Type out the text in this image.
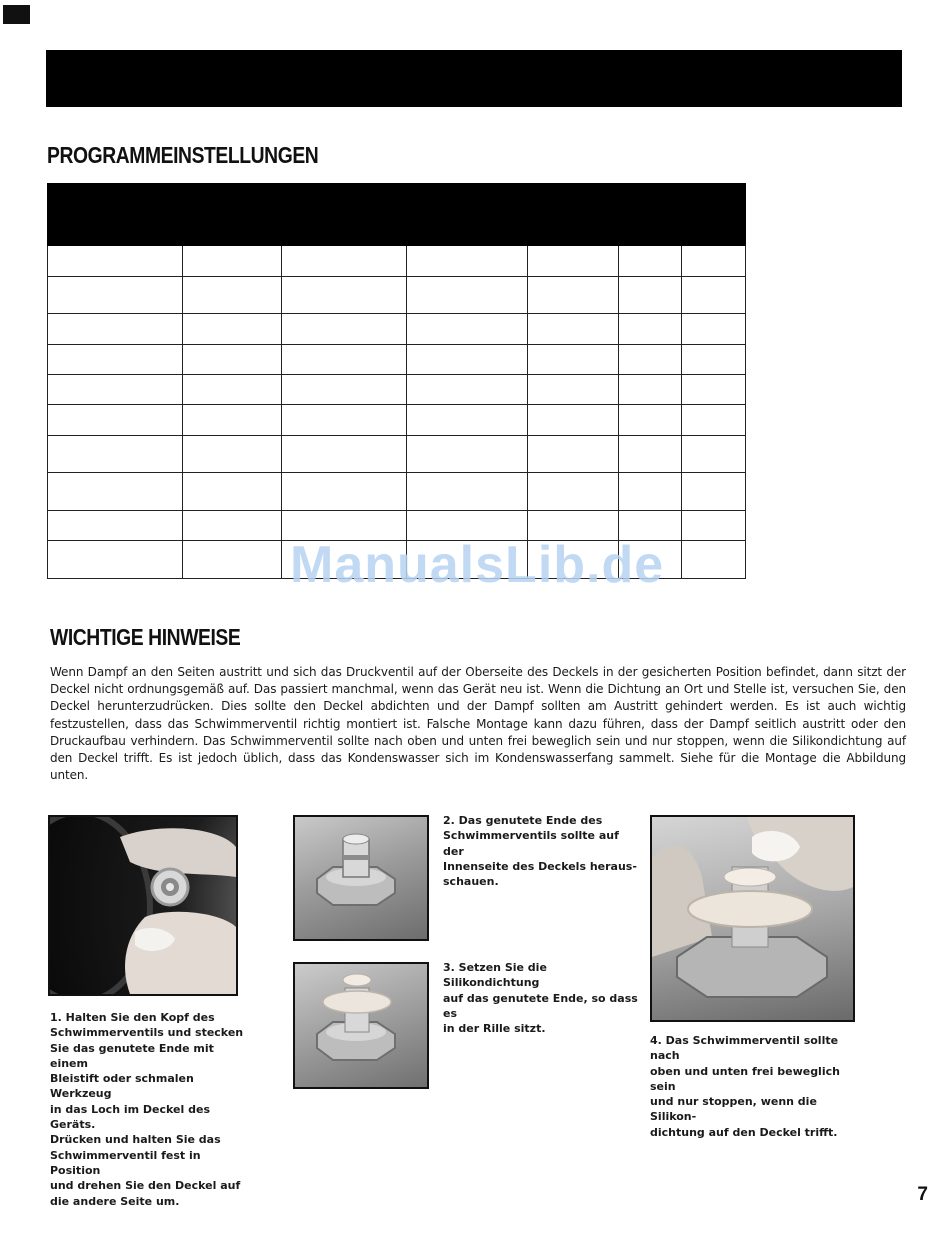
PROGRAMMEINSTELLUNGEN

ManualsLib.de
WICHTIGE HINWEISE

Wenn Dampf an den Seiten austritt und sich das Druckventil auf der Oberseite des Deckels in der gesicherten Position befindet, dann sitzt der Deckel nicht ordnungsgemäß auf. Das passiert manchmal, wenn das Gerät neu ist. Wenn die Dichtung an Ort und Stelle ist, versuchen Sie, den Deckel herunterzudrücken. Dies sollte den Deckel abdichten und der Dampf sollten am Austritt gehindert werden. Es ist auch wichtig festzustellen, dass das Schwimmerventil richtig montiert ist. Falsche Montage kann dazu führen, dass der Dampf seitlich austritt oder den Druckaufbau verhindern. Das Schwimmerventil sollte nach oben und unten frei beweglich sein und nur stoppen, wenn die Silikondichtung auf den Deckel trifft. Es ist jedoch üblich, dass das Kondenswasser sich im Kondenswasserfang sammelt. Siehe für die Montage die Abbildung unten.

1. Halten Sie den Kopf des
Schwimmerventils und stecken
Sie das genutete Ende mit einem
Bleistift oder schmalen Werkzeug
in das Loch im Deckel des Geräts.
Drücken und halten Sie das
Schwimmerventil fest in Position
und drehen Sie den Deckel auf
die andere Seite um.

2. Das genutete Ende des
Schwimmerventils sollte auf der
Innenseite des Deckels heraus-
schauen.

3. Setzen Sie die Silikondichtung
auf das genutete Ende, so dass es
in der Rille sitzt.

4. Das Schwimmerventil sollte nach
oben und unten frei beweglich sein
und nur stoppen, wenn die Silikon-
dichtung auf den Deckel trifft.

7
